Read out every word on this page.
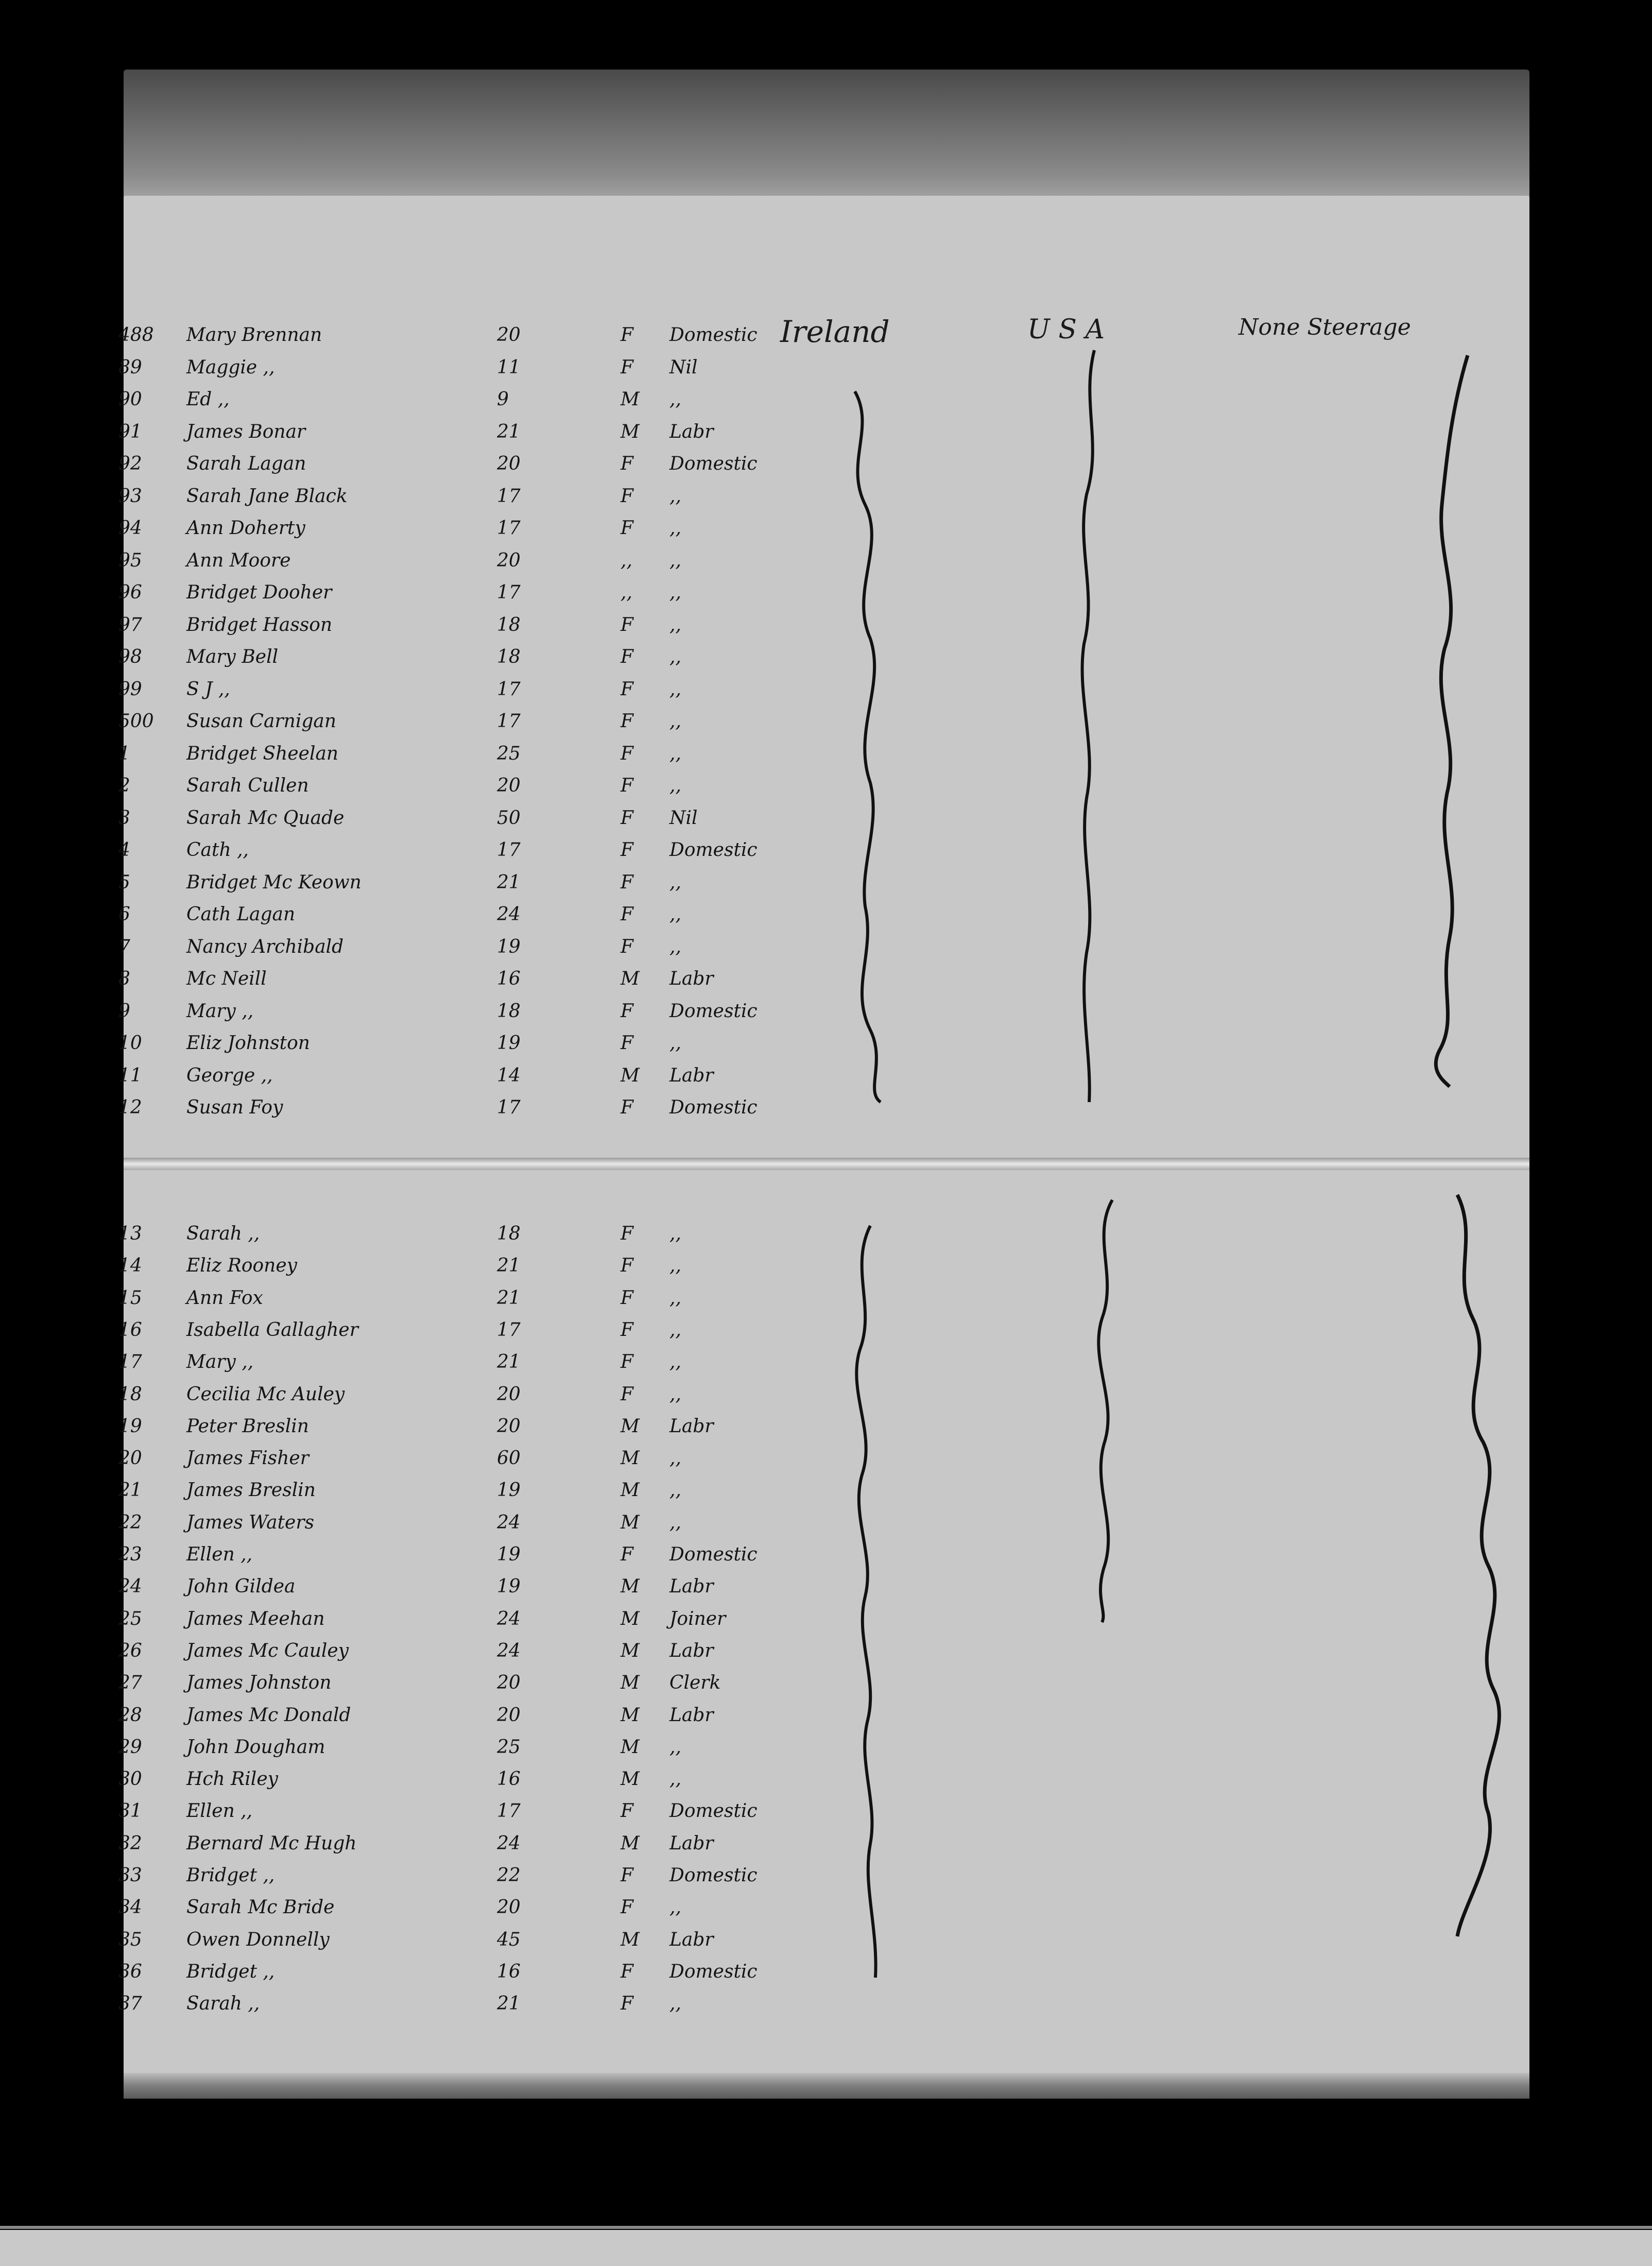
Ireland	U S A	None Steerage
488	Mary Brennan	20	F	Domestic
89	Maggie ,,	11	F	Nil
90	Ed ,,	9	M	,,
91	James Bonar	21	M	Labr
92	Sarah Lagan	20	F	Domestic
93	Sarah Jane Black	17	F	,,
94	Ann Doherty	17	F	,,
95	Ann Moore	20	,,	,,
96	Bridget Dooher	17	,,	,,
97	Bridget Hasson	18	F	,,
98	Mary Bell	18	F	,,
99	S J ,,	17	F	,,
500	Susan Carnigan	17	F	,,
1	Bridget Sheelan	25	F	,,
2	Sarah Cullen	20	F	,,
3	Sarah Mc Quade	50	F	Nil
4	Cath ,,	17	F	Domestic
5	Bridget Mc Keown	21	F	,,
6	Cath Lagan	24	F	,,
7	Nancy Archibald	19	F	,,
8	Mc Neill	16	M	Labr
9	Mary ,,	18	F	Domestic
10	Eliz Johnston	19	F	,,
11	George ,,	14	M	Labr
12	Susan Foy	17	F	Domestic
13	Sarah ,,	18	F	,,
14	Eliz Rooney	21	F	,,
15	Ann Fox	21	F	,,
16	Isabella Gallagher	17	F	,,
17	Mary ,,	21	F	,,
18	Cecilia Mc Auley	20	F	,,
19	Peter Breslin	20	M	Labr
20	James Fisher	60	M	,,
21	James Breslin	19	M	,,
22	James Waters	24	M	,,
23	Ellen ,,	19	F	Domestic
24	John Gildea	19	M	Labr
25	James Meehan	24	M	Joiner
26	James Mc Cauley	24	M	Labr
27	James Johnston	20	M	Clerk
28	James Mc Donald	20	M	Labr
29	John Dougham	25	M	,,
30	Hch Riley	16	M	,,
31	Ellen ,,	17	F	Domestic
32	Bernard Mc Hugh	24	M	Labr
33	Bridget ,,	22	F	Domestic
34	Sarah Mc Bride	20	F	,,
35	Owen Donnelly	45	M	Labr
36	Bridget ,,	16	F	Domestic
37	Sarah ,,	21	F	,,
